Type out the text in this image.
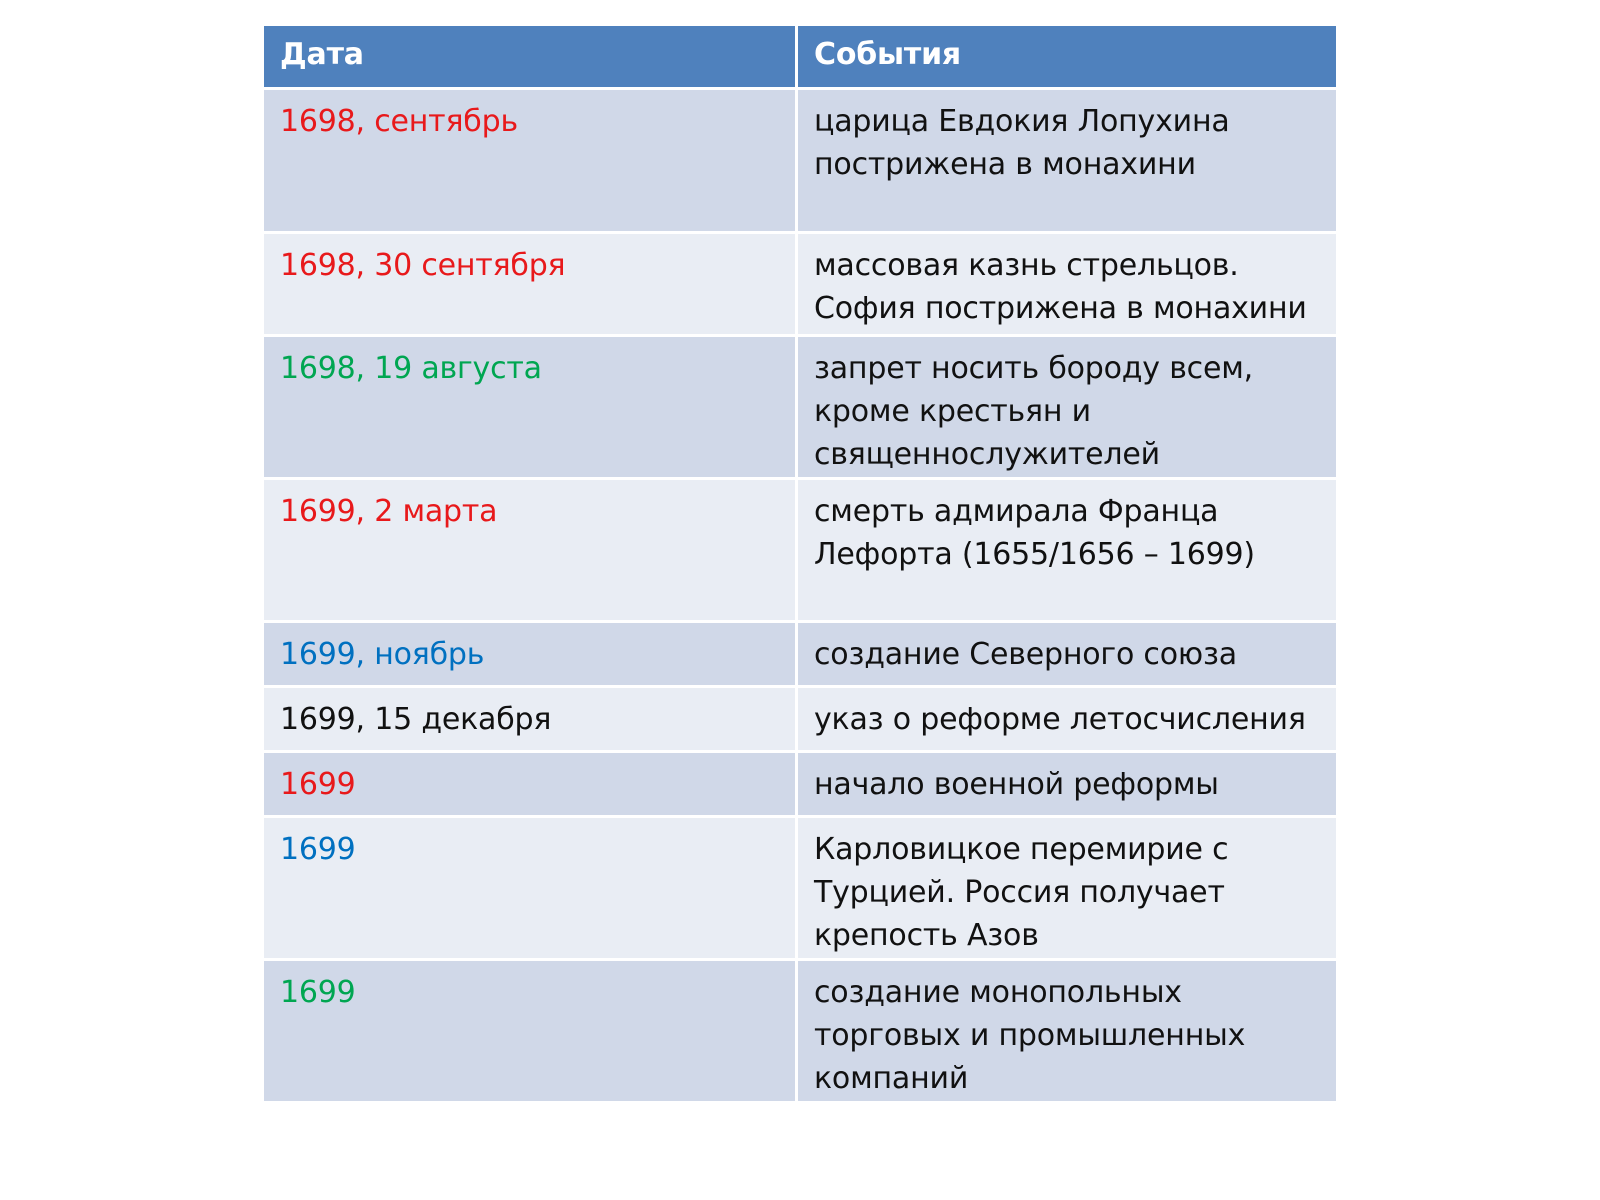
Дата	События
1698, сентябрь	царица Евдокия Лопухина пострижена в монахини
1698, 30 сентября	массовая казнь стрельцов. София пострижена в монахини
1698, 19 августа	запрет носить бороду всем, кроме крестьян и священнослужителей
1699, 2 марта	смерть адмирала Франца Лефорта (1655/1656 – 1699)
1699, ноябрь	создание Северного союза
1699, 15 декабря	указ о реформе летосчисления
1699	начало военной реформы
1699	Карловицкое перемирие с Турцией. Россия получает крепость Азов
1699	создание монопольных торговых и промышленных компаний
